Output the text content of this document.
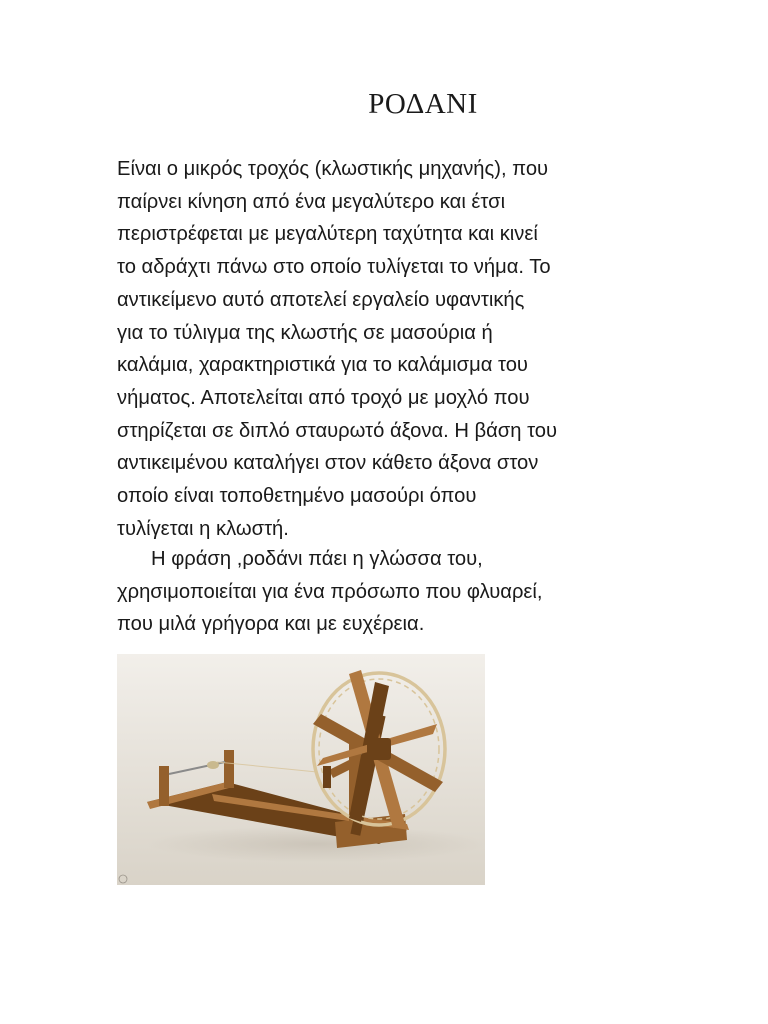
ΡΟΔΑΝΙ

Είναι ο μικρός τροχός (κλωστικής μηχανής), που
παίρνει κίνηση από ένα μεγαλύτερο και έτσι
περιστρέφεται με μεγαλύτερη ταχύτητα και κινεί
το αδράχτι πάνω στο οποίο τυλίγεται το νήμα. Το
αντικείμενο αυτό αποτελεί εργαλείο υφαντικής
για το τύλιγμα της κλωστής σε μασούρια ή
καλάμια, χαρακτηριστικά για το καλάμισμα του
νήματος. Αποτελείται από τροχό με μοχλό που
στηρίζεται σε διπλό σταυρωτό άξονα. Η βάση του
αντικειμένου καταλήγει στον κάθετο άξονα στον
οποίο είναι τοποθετημένο μασούρι όπου
τυλίγεται η κλωστή.

Η φράση ,ροδάνι πάει η γλώσσα του,
χρησιμοποιείται για ένα πρόσωπο που φλυαρεί,
που μιλά γρήγορα και με ευχέρεια.
